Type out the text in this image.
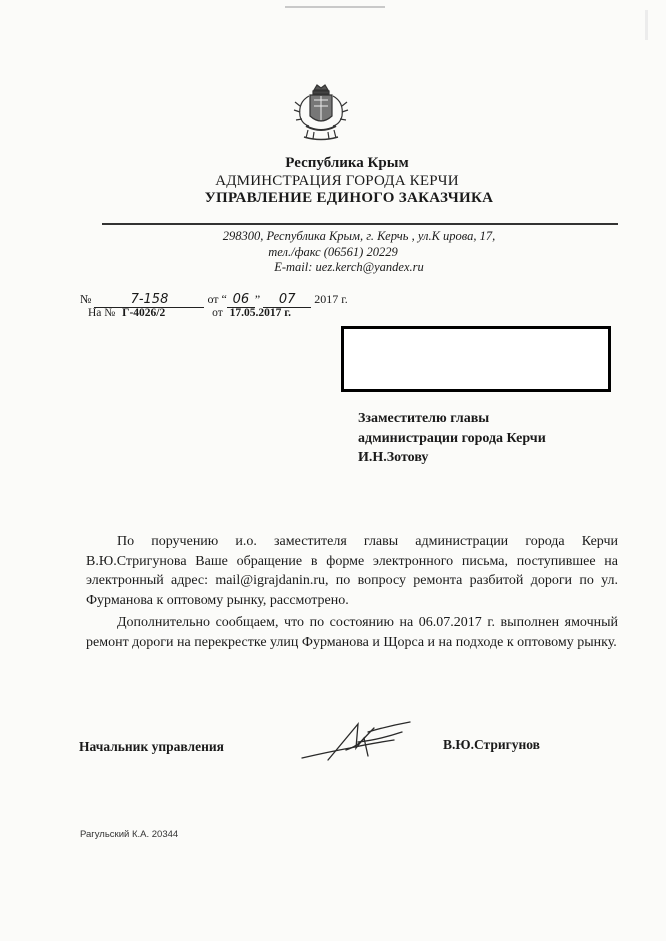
Республика Крым
АДМИНСТРАЦИЯ ГОРОДА КЕРЧИ
УПРАВЛЕНИЕ ЕДИНОГО ЗАКАЗЧИКА
298300, Республика Крым, г. Керчь , ул.К ирова, 17,
тел./факс (06561) 20229
E-mail: uez.kerch@yandex.ru
№	7-158	от “ 06 ” 07 2017 г.
На № Г-4026/2	от 17.05.2017 г.
Ззаместителю главы
администрации города Керчи
И.Н.Зотову

По поручению и.о. заместителя главы администрации города Керчи В.Ю.Стригунова Ваше обращение в форме электронного письма, поступившее на электронный адрес: mail@igrajdanin.ru, по вопросу ремонта разбитой дороги по ул. Фурманова к оптовому рынку, рассмотрено.

Дополнительно сообщаем, что по состоянию на 06.07.2017 г. выполнен ямочный ремонт дороги на перекрестке улиц Фурманова и Щорса и на подходе к оптовому рынку.

Начальник управления	В.Ю.Стригунов
Рагульский К.А. 20344
